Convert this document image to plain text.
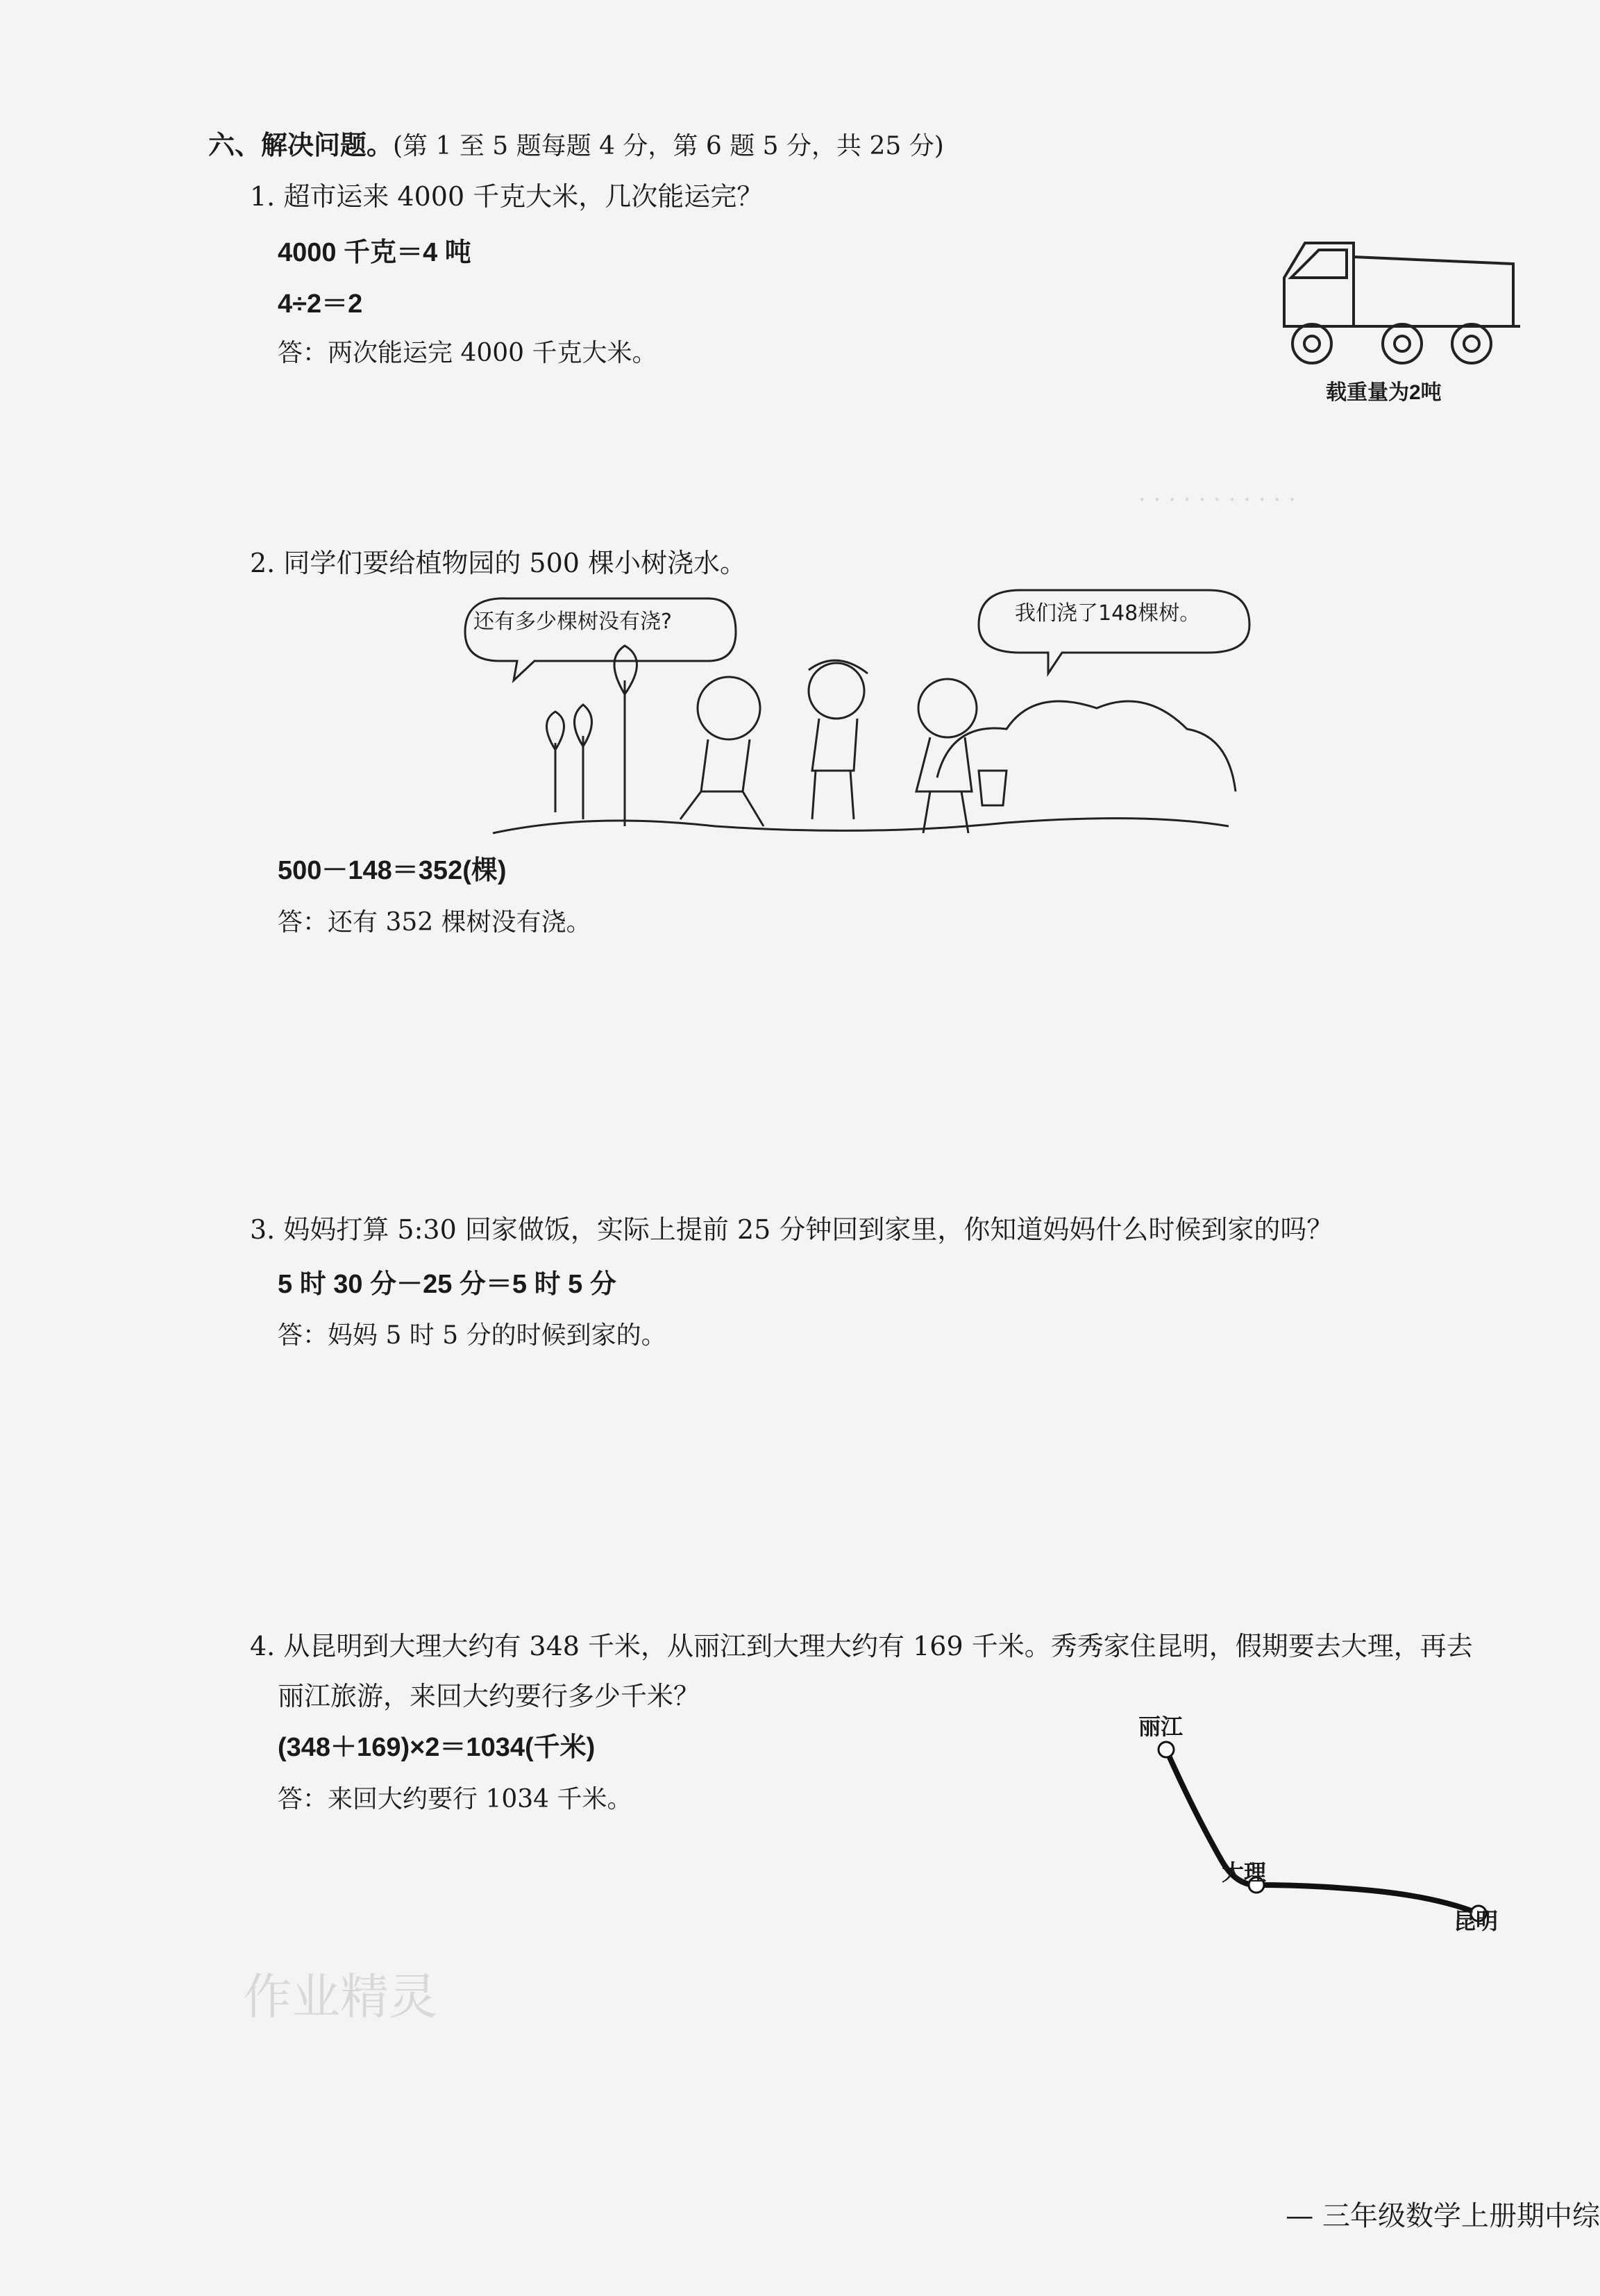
六、解决问题。(第 1 至 5 题每题 4 分，第 6 题 5 分，共 25 分)
1. 超市运来 4000 千克大米，几次能运完？
4000 千克＝4 吨
4÷2＝2
答：两次能运完 4000 千克大米。
载重量为2吨
· · · · · · · · · · ·
2. 同学们要给植物园的 500 棵小树浇水。
还有多少棵树没有浇?	我们浇了148棵树。
500－148＝352(棵)
答：还有 352 棵树没有浇。
3. 妈妈打算 5:30 回家做饭，实际上提前 25 分钟回到家里，你知道妈妈什么时候到家的吗？
5 时 30 分－25 分＝5 时 5 分
答：妈妈 5 时 5 分的时候到家的。
4. 从昆明到大理大约有 348 千米，从丽江到大理大约有 169 千米。秀秀家住昆明，假期要去大理，再去
丽江旅游，来回大约要行多少千米？
(348＋169)×2＝1034(千米)
答：来回大约要行 1034 千米。
丽江
大理
昆明
作业精灵
— 三年级数学上册期中综
